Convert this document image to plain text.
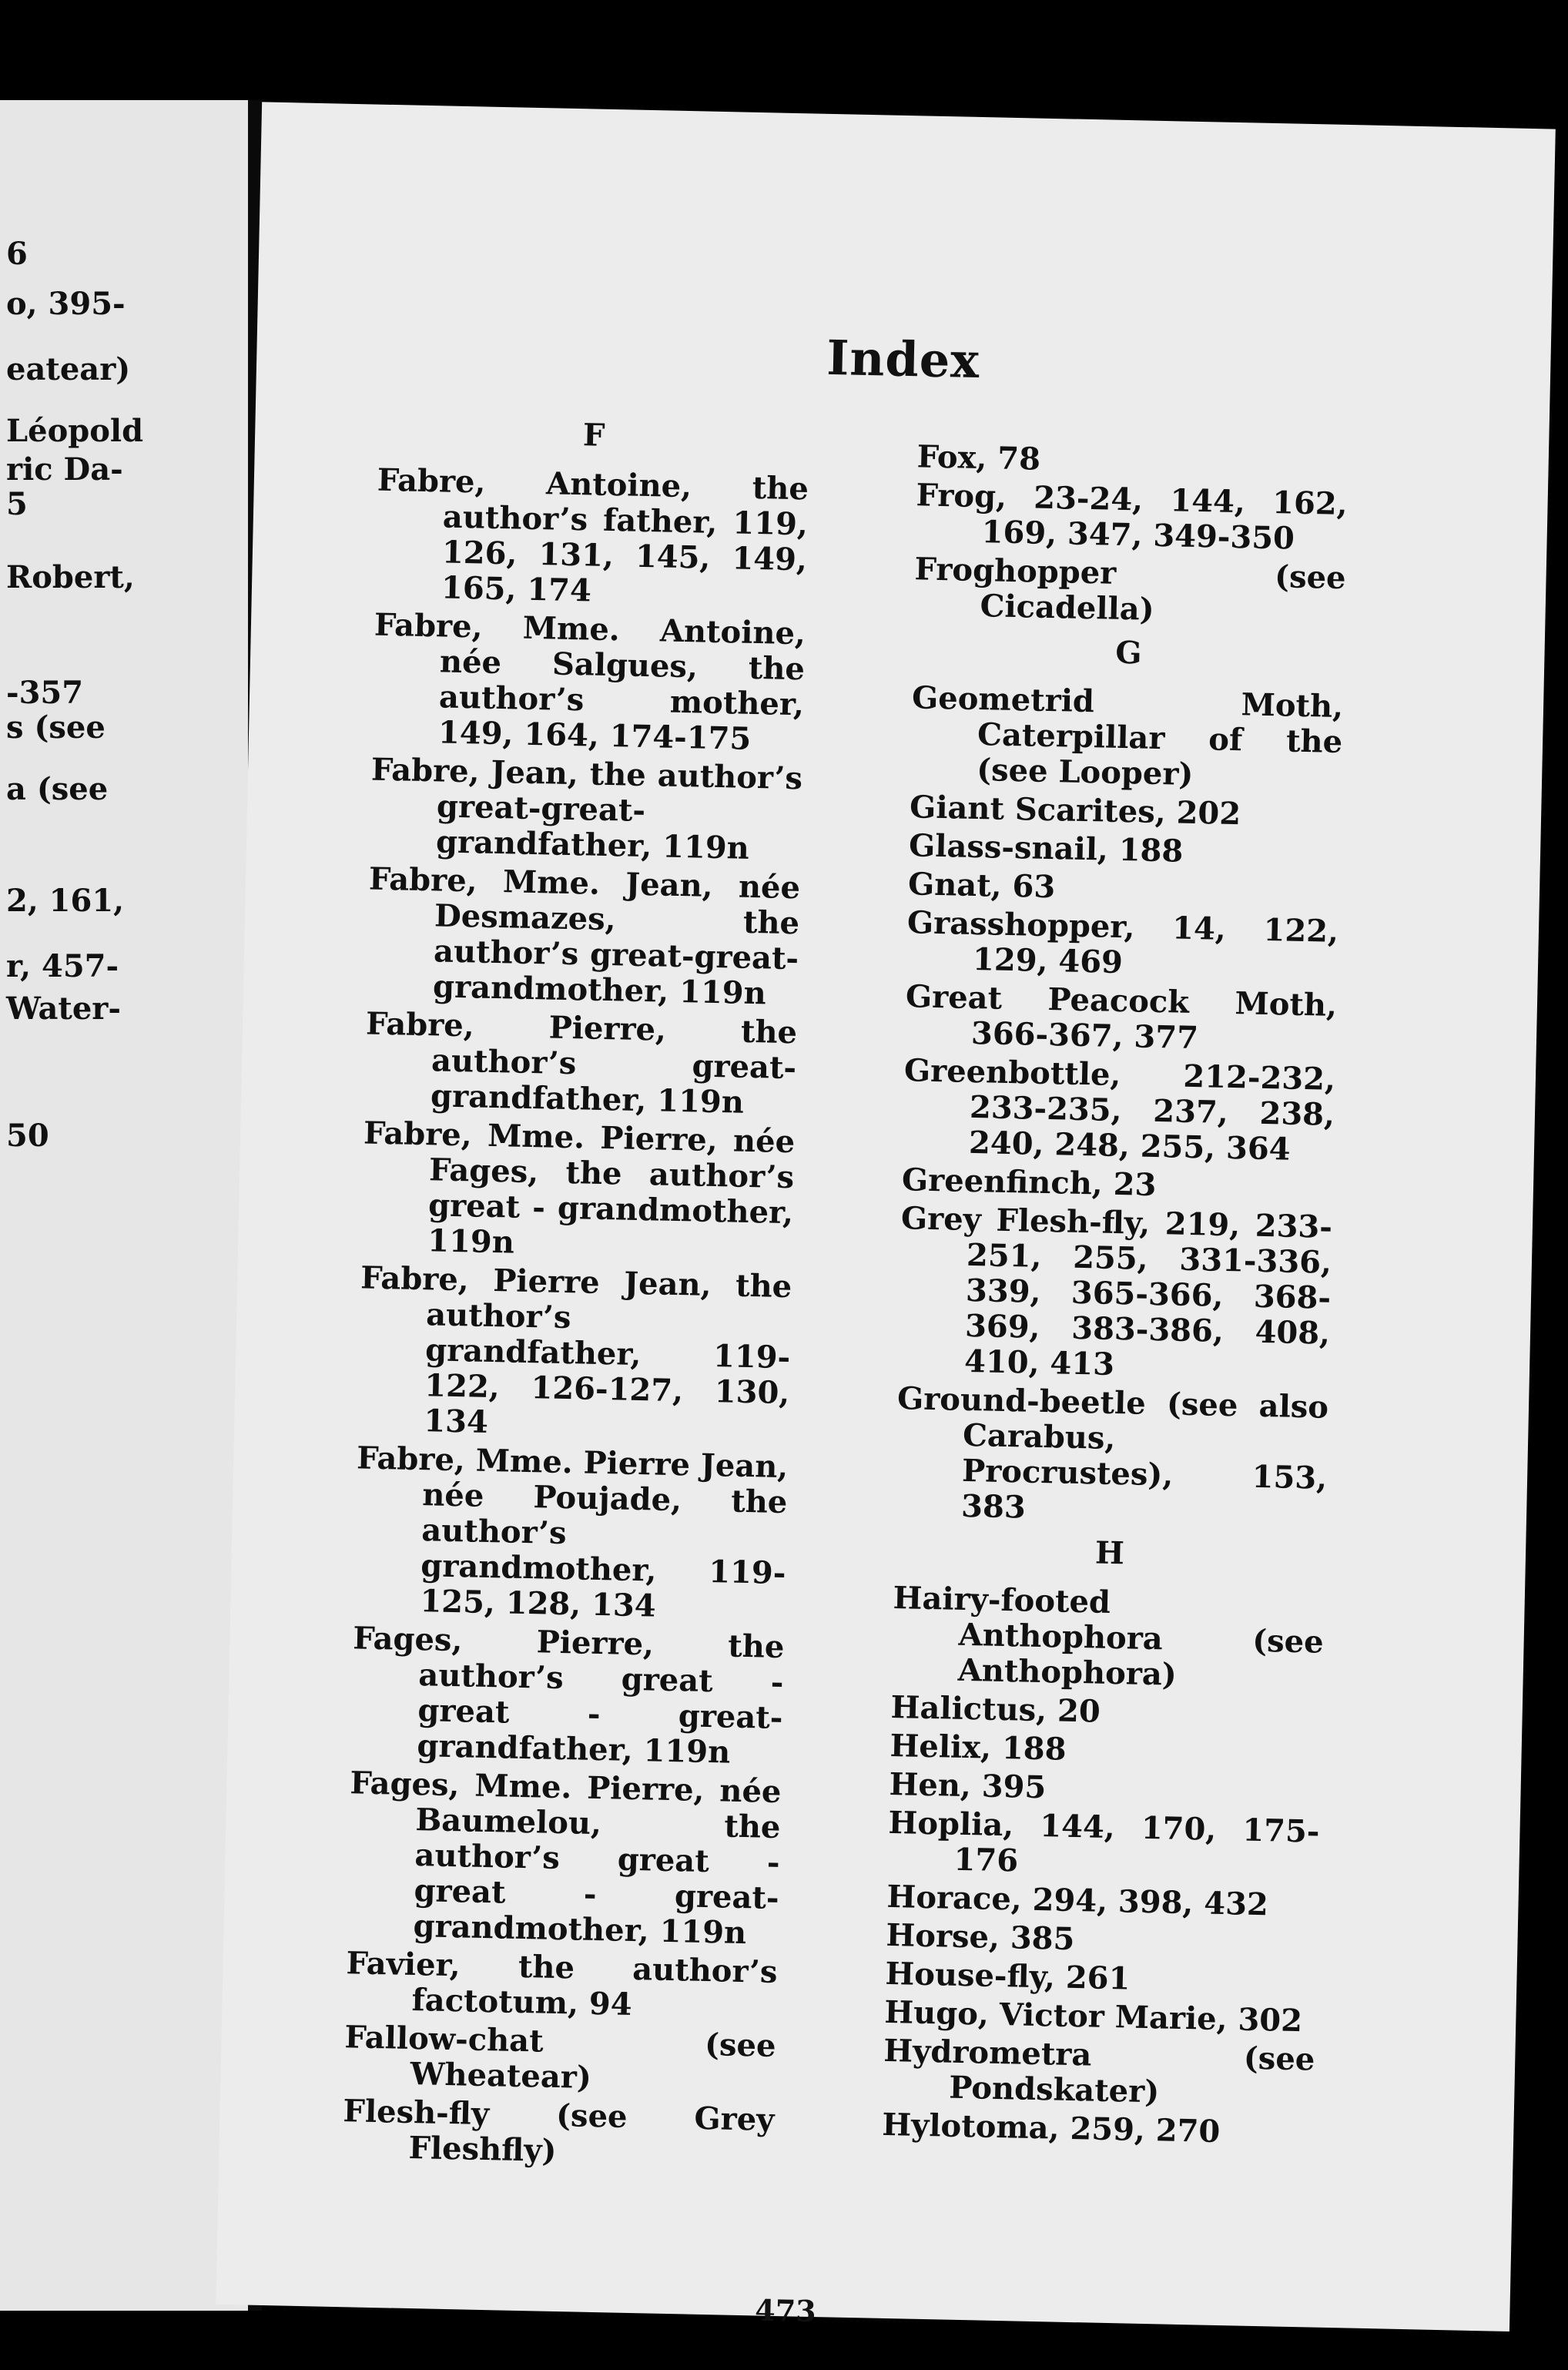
6
o, 395-
eatear)
Léopold
ric Da-
5
Robert,
-357
s (see
a (see
2, 161,
r, 457-
Water-
50
Index
F
Fabre, Antoine, the author’s father, 119, 126, 131, 145, 149, 165, 174
Fabre, Mme. Antoine, née Salgues, the author’s mother, 149, 164, 174-175
Fabre, Jean, the author’s great-great-grandfather, 119n
Fabre, Mme. Jean, née Desmazes, the author’s great-great-grandmother, 119n
Fabre, Pierre, the author’s great-grandfather, 119n
Fabre, Mme. Pierre, née Fages, the author’s great - grandmother, 119n
Fabre, Pierre Jean, the author’s grandfather, 119-122, 126-127, 130, 134
Fabre, Mme. Pierre Jean, née Poujade, the author’s grandmother, 119-125, 128, 134
Fages, Pierre, the author’s great - great - great-grandfather, 119n
Fages, Mme. Pierre, née Baumelou, the author’s great - great - great-grandmother, 119n
Favier, the author’s factotum, 94
Fallow-chat (see Wheatear)
Flesh-fly (see Grey Fleshfly)
Fox, 78
Frog, 23-24, 144, 162, 169, 347, 349-350
Froghopper (see Cicadella)
G
Geometrid Moth, Caterpillar of the (see Looper)
Giant Scarites, 202
Glass-snail, 188
Gnat, 63
Grasshopper, 14, 122, 129, 469
Great Peacock Moth, 366-367, 377
Greenbottle, 212-232, 233-235, 237, 238, 240, 248, 255, 364
Greenfinch, 23
Grey Flesh-fly, 219, 233-251, 255, 331-336, 339, 365-366, 368-369, 383-386, 408, 410, 413
Ground-beetle (see also Carabus, Procrustes), 153, 383
H
Hairy-footed Anthophora (see Anthophora)
Halictus, 20
Helix, 188
Hen, 395
Hoplia, 144, 170, 175-176
Horace, 294, 398, 432
Horse, 385
House-fly, 261
Hugo, Victor Marie, 302
Hydrometra (see Pondskater)
Hylotoma, 259, 270
473
